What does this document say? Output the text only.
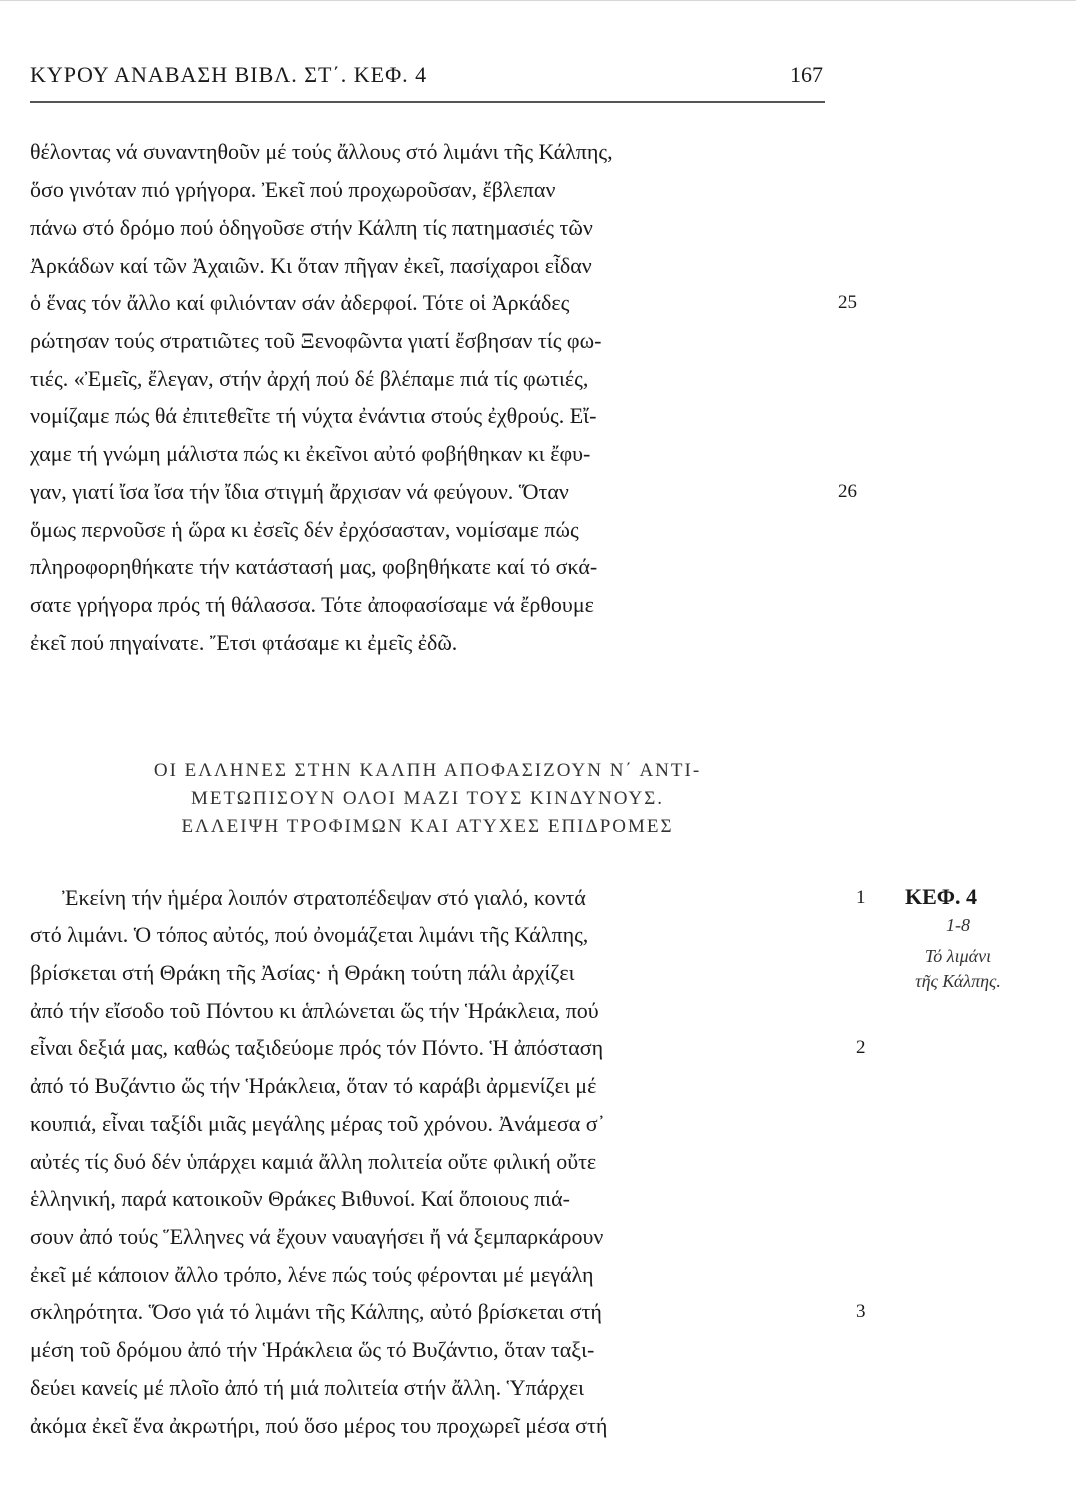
ΚΥΡΟΥ ΑΝΑΒΑΣΗ ΒΙΒΛ. ΣΤ΄. ΚΕΦ. 4	167
θέλοντας νά συναντηθοῦν μέ τούς ἄλλους στό λιμάνι τῆς Κάλπης,
ὅσο γινόταν πιό γρήγορα. Ἐκεῖ πού προχωροῦσαν, ἔβλεπαν
πάνω στό δρόμο πού ὁδηγοῦσε στήν Κάλπη τίς πατημασιές τῶν
Ἀρκάδων καί τῶν Ἀχαιῶν. Κι ὅταν πῆγαν ἐκεῖ, πασίχαροι εἶδαν
ὁ ἕνας τόν ἄλλο καί φιλιόνταν σάν ἀδερφοί. Τότε οἱ Ἀρκάδες
ρώτησαν τούς στρατιῶτες τοῦ Ξενοφῶντα γιατί ἔσβησαν τίς φω-
τιές. «Ἐμεῖς, ἔλεγαν, στήν ἀρχή πού δέ βλέπαμε πιά τίς φωτιές,
νομίζαμε πώς θά ἐπιτεθεῖτε τή νύχτα ἐνάντια στούς ἐχθρούς. Εἴ-
χαμε τή γνώμη μάλιστα πώς κι ἐκεῖνοι αὐτό φοβήθηκαν κι ἔφυ-
γαν, γιατί ἴσα ἴσα τήν ἴδια στιγμή ἄρχισαν νά φεύγουν. Ὅταν
ὅμως περνοῦσε ἡ ὥρα κι ἐσεῖς δέν ἐρχόσασταν, νομίσαμε πώς
πληροφορηθήκατε τήν κατάστασή μας, φοβηθήκατε καί τό σκά-
σατε γρήγορα πρός τή θάλασσα. Τότε ἀποφασίσαμε νά ἔρθουμε
ἐκεῖ πού πηγαίνατε. Ἔτσι φτάσαμε κι ἐμεῖς ἐδῶ.
25
26
ΟΙ ΕΛΛΗΝΕΣ ΣΤΗΝ ΚΑΛΠΗ ΑΠΟΦΑΣΙΖΟΥΝ Ν΄ ΑΝΤΙ-
ΜΕΤΩΠΙΣΟΥΝ ΟΛΟΙ ΜΑΖΙ ΤΟΥΣ ΚΙΝΔΥΝΟΥΣ.
ΕΛΛΕΙΨΗ ΤΡΟΦΙΜΩΝ ΚΑΙ ΑΤΥΧΕΣ ΕΠΙΔΡΟΜΕΣ
Ἐκείνη τήν ἡμέρα λοιπόν στρατοπέδεψαν στό γιαλό, κοντά
στό λιμάνι. Ὁ τόπος αὐτός, πού ὀνομάζεται λιμάνι τῆς Κάλπης,
βρίσκεται στή Θράκη τῆς Ἀσίας· ἡ Θράκη τούτη πάλι ἀρχίζει
ἀπό τήν εἴσοδο τοῦ Πόντου κι ἁπλώνεται ὥς τήν Ἡράκλεια, πού
εἶναι δεξιά μας, καθώς ταξιδεύομε πρός τόν Πόντο. Ἡ ἀπόσταση
ἀπό τό Βυζάντιο ὥς τήν Ἡράκλεια, ὅταν τό καράβι ἀρμενίζει μέ
κουπιά, εἶναι ταξίδι μιᾶς μεγάλης μέρας τοῦ χρόνου. Ἀνάμεσα σ᾽
αὐτές τίς δυό δέν ὑπάρχει καμιά ἄλλη πολιτεία οὔτε φιλική οὔτε
ἑλληνική, παρά κατοικοῦν Θράκες Βιθυνοί. Καί ὅποιους πιά-
σουν ἀπό τούς Ἕλληνες νά ἔχουν ναυαγήσει ἤ νά ξεμπαρκάρουν
ἐκεῖ μέ κάποιον ἄλλο τρόπο, λένε πώς τούς φέρονται μέ μεγάλη
σκληρότητα. Ὅσο γιά τό λιμάνι τῆς Κάλπης, αὐτό βρίσκεται στή
μέση τοῦ δρόμου ἀπό τήν Ἡράκλεια ὥς τό Βυζάντιο, ὅταν ταξι-
δεύει κανείς μέ πλοῖο ἀπό τή μιά πολιτεία στήν ἄλλη. Ὑπάρχει
ἀκόμα ἐκεῖ ἕνα ἀκρωτήρι, πού ὅσο μέρος του προχωρεῖ μέσα στή
1
2
3
ΚΕΦ. 4
1-8
Τό λιμάνι
τῆς Κάλπης.
